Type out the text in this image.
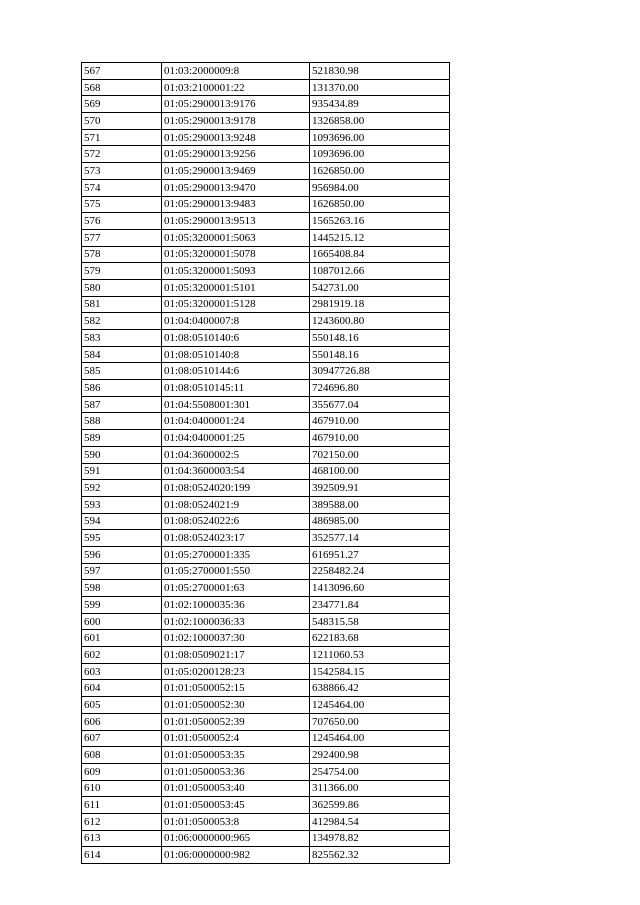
567	01:03:2000009:8	521830.98
568	01:03:2100001:22	131370.00
569	01:05:2900013:9176	935434.89
570	01:05:2900013:9178	1326858.00
571	01:05:2900013:9248	1093696.00
572	01:05:2900013:9256	1093696.00
573	01:05:2900013:9469	1626850.00
574	01:05:2900013:9470	956984.00
575	01:05:2900013:9483	1626850.00
576	01:05:2900013:9513	1565263.16
577	01:05:3200001:5063	1445215.12
578	01:05:3200001:5078	1665408.84
579	01:05:3200001:5093	1087012.66
580	01:05:3200001:5101	542731.00
581	01:05:3200001:5128	2981919.18
582	01:04:0400007:8	1243600.80
583	01:08:0510140:6	550148.16
584	01:08:0510140:8	550148.16
585	01:08:0510144:6	30947726.88
586	01:08:0510145:11	724696.80
587	01:04:5508001:301	355677.04
588	01:04:0400001:24	467910.00
589	01:04:0400001:25	467910.00
590	01:04:3600002:5	702150.00
591	01:04:3600003:54	468100.00
592	01:08:0524020:199	392509.91
593	01:08:0524021:9	389588.00
594	01:08:0524022:6	486985.00
595	01:08:0524023:17	352577.14
596	01:05:2700001:335	616951.27
597	01:05:2700001:550	2258482.24
598	01:05:2700001:63	1413096.60
599	01:02:1000035:36	234771.84
600	01:02:1000036:33	548315.58
601	01:02:1000037:30	622183.68
602	01:08:0509021:17	1211060.53
603	01:05:0200128:23	1542584.15
604	01:01:0500052:15	638866.42
605	01:01:0500052:30	1245464.00
606	01:01:0500052:39	707650.00
607	01:01:0500052:4	1245464.00
608	01:01:0500053:35	292400.98
609	01:01:0500053:36	254754.00
610	01:01:0500053:40	311366.00
611	01:01:0500053:45	362599.86
612	01:01:0500053:8	412984.54
613	01:06:0000000:965	134978.82
614	01:06:0000000:982	825562.32
